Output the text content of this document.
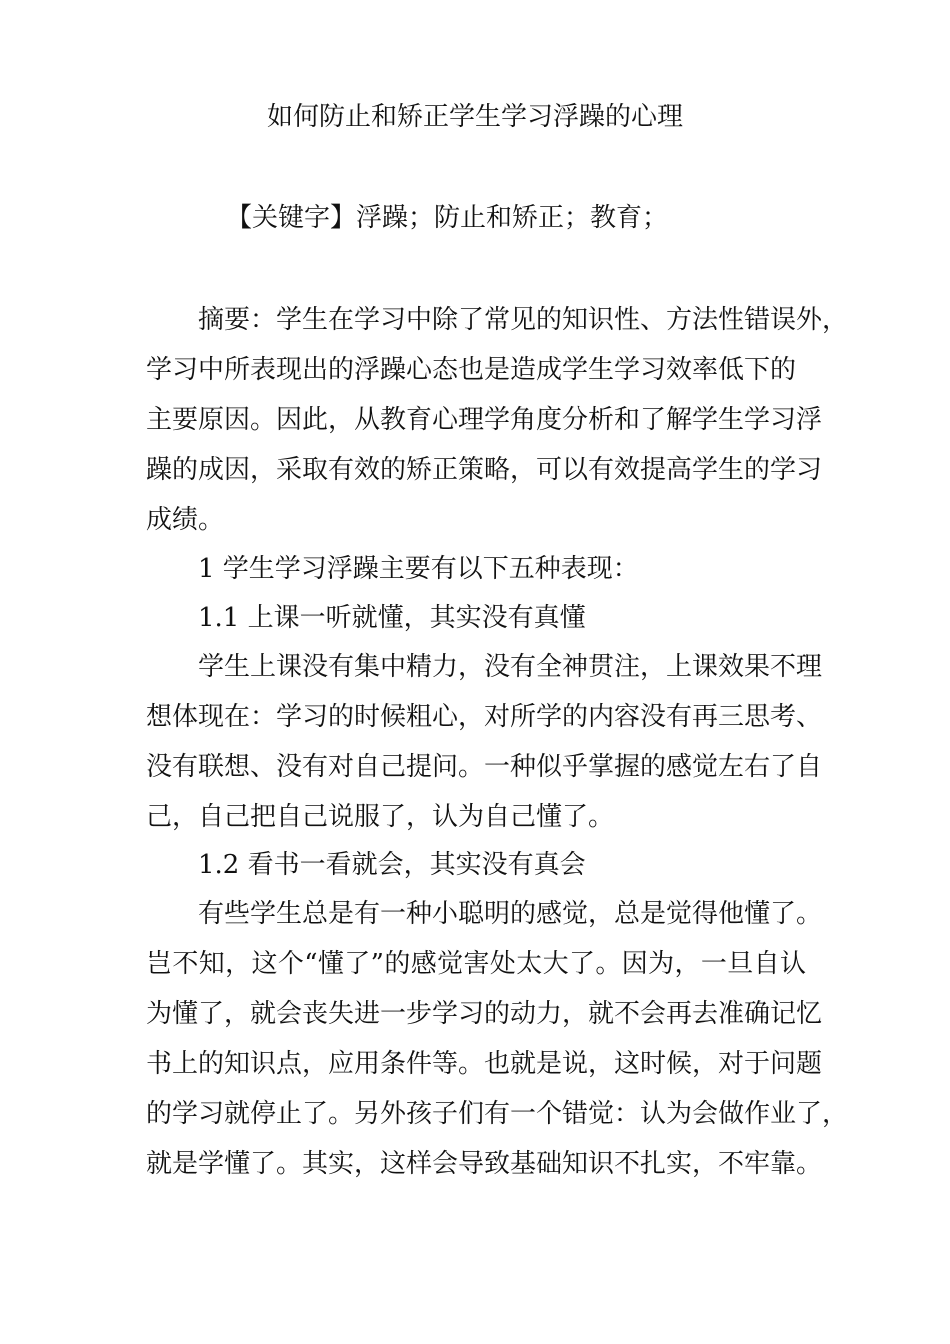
如何防止和矫正学生学习浮躁的心理
【关键字】浮躁；防止和矫正；教育；
摘要：学生在学习中除了常见的知识性、方法性错误外，
学习中所表现出的浮躁心态也是造成学生学习效率低下的
主要原因。因此，从教育心理学角度分析和了解学生学习浮
躁的成因，采取有效的矫正策略，可以有效提高学生的学习
成绩。
1 学生学习浮躁主要有以下五种表现：
1.1 上课一听就懂，其实没有真懂
学生上课没有集中精力，没有全神贯注，上课效果不理
想体现在：学习的时候粗心，对所学的内容没有再三思考、
没有联想、没有对自己提问。一种似乎掌握的感觉左右了自
己，自己把自己说服了，认为自己懂了。
1.2 看书一看就会，其实没有真会
有些学生总是有一种小聪明的感觉，总是觉得他懂了。
岂不知，这个“懂了”的感觉害处太大了。因为，一旦自认
为懂了，就会丧失进一步学习的动力，就不会再去准确记忆
书上的知识点，应用条件等。也就是说，这时候，对于问题
的学习就停止了。另外孩子们有一个错觉：认为会做作业了，
就是学懂了。其实，这样会导致基础知识不扎实，不牢靠。
